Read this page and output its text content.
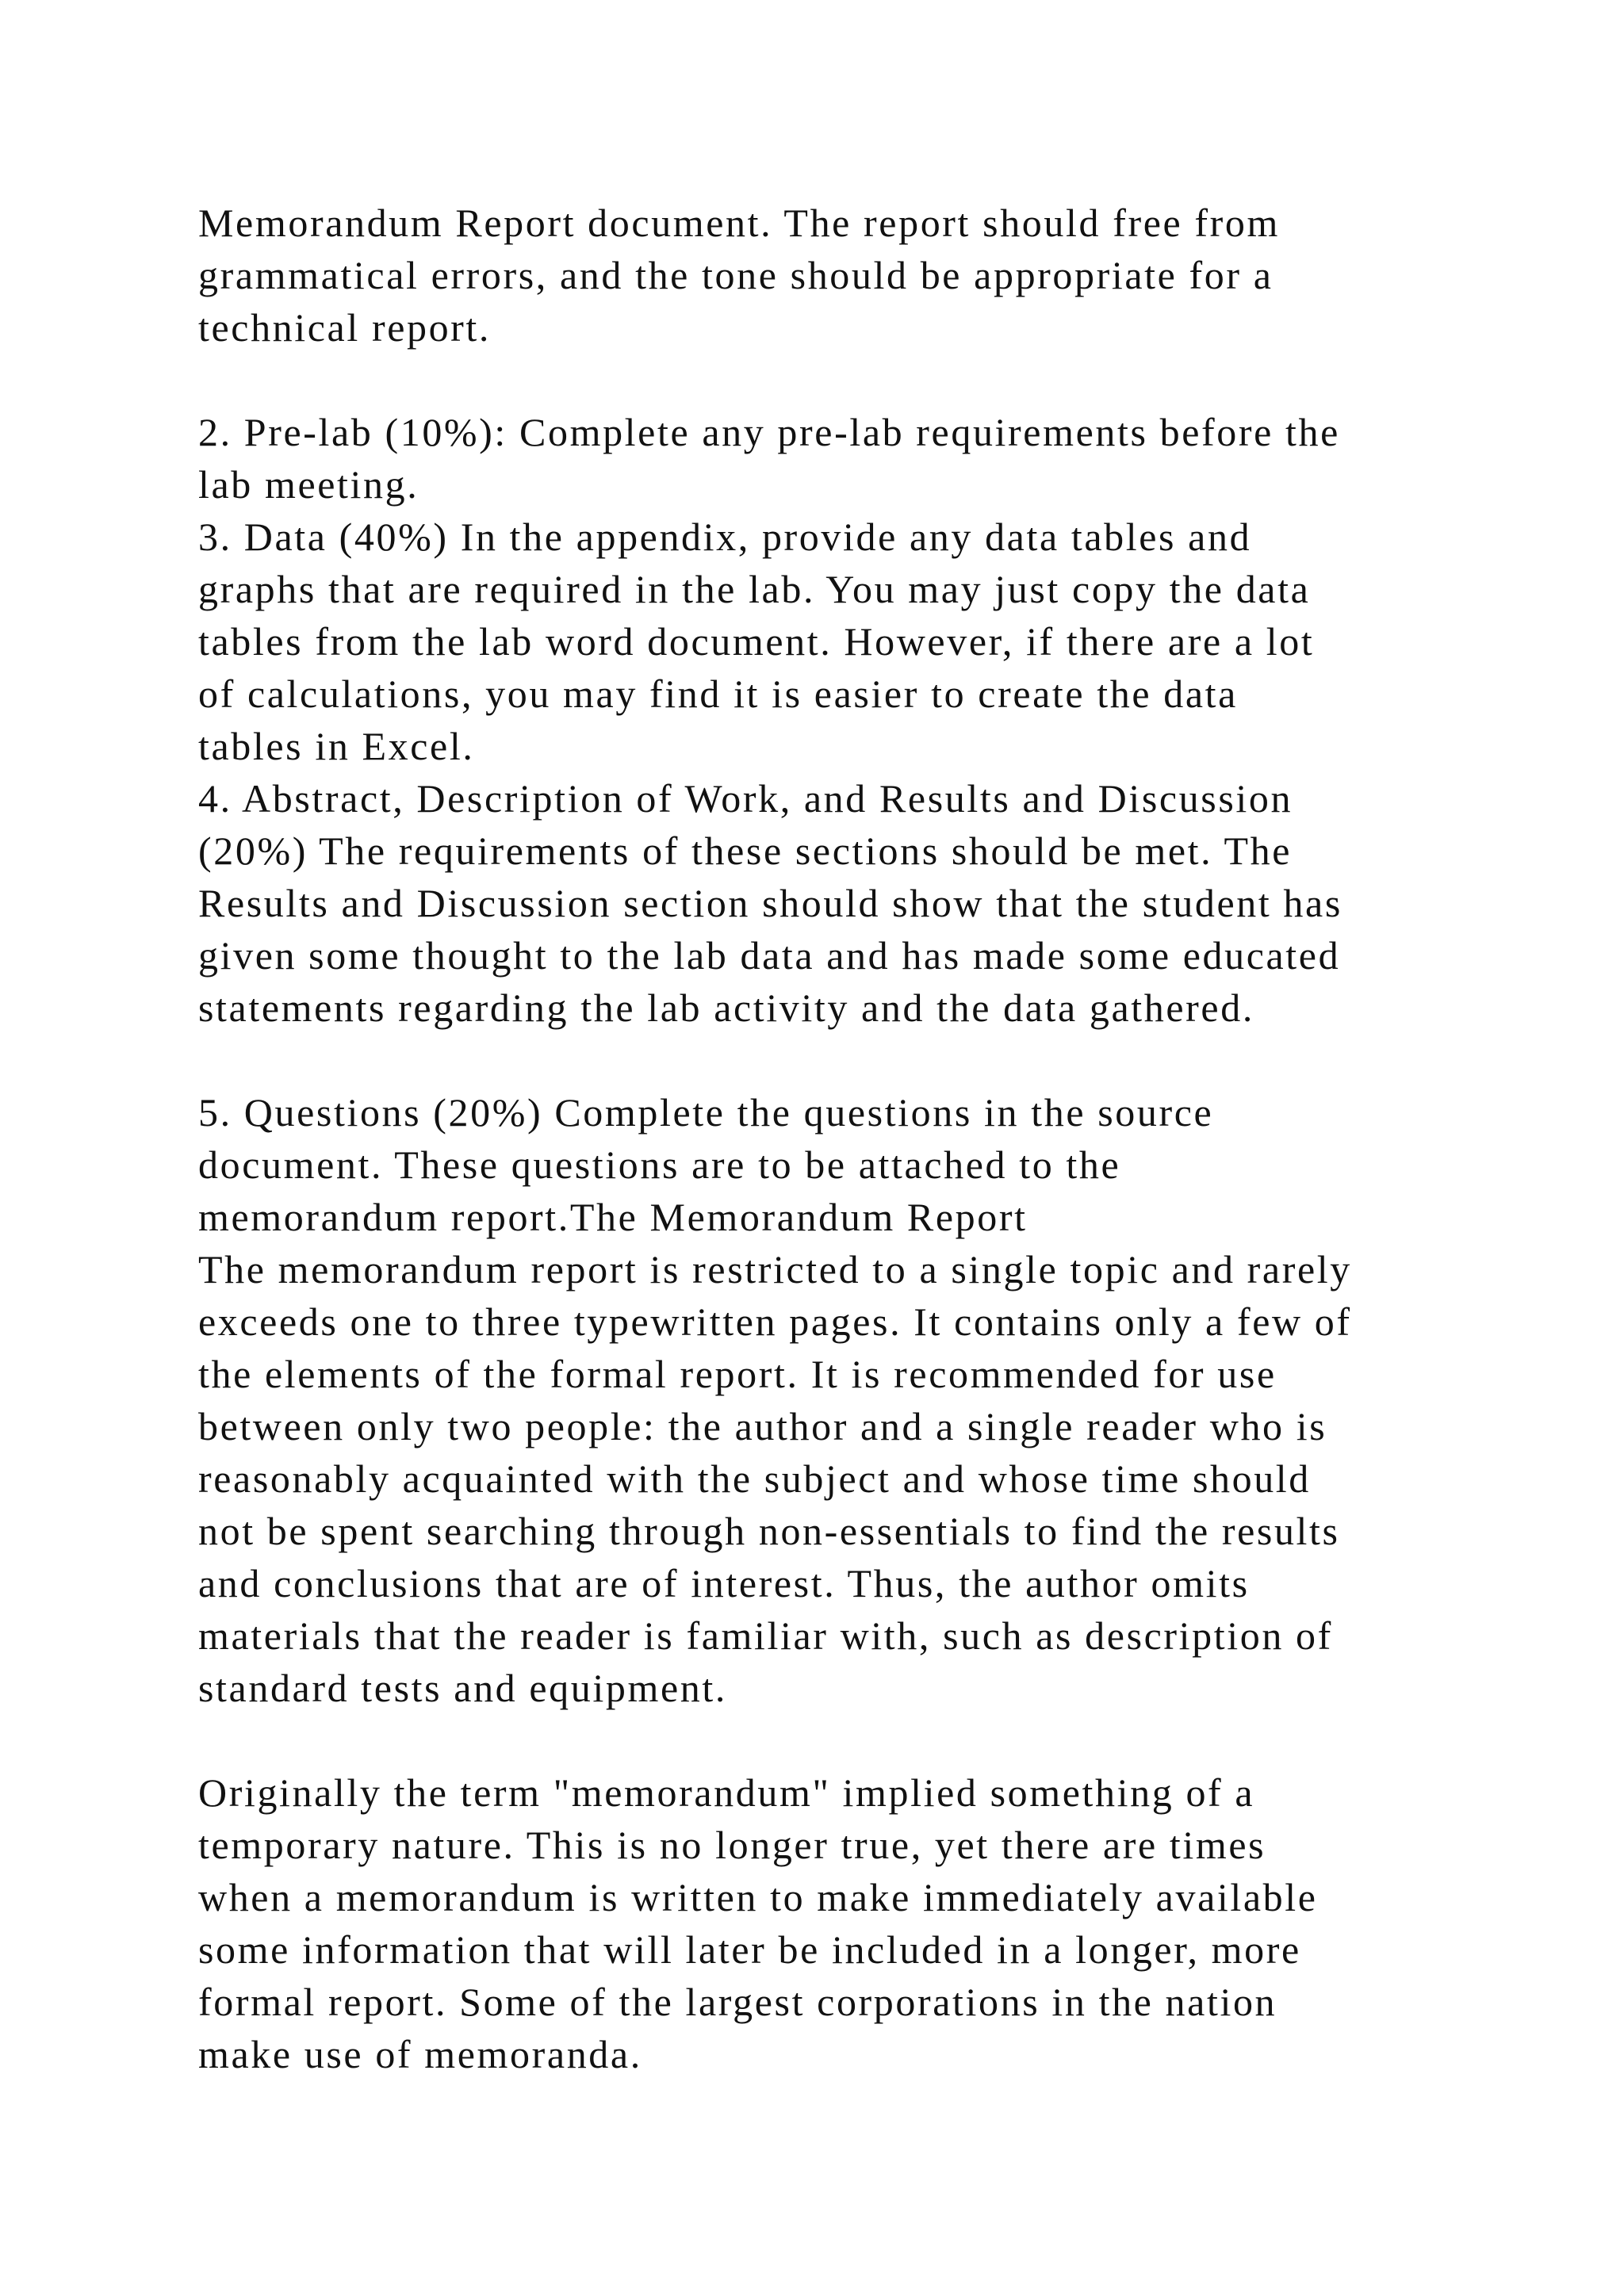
Memorandum Report document. The report should free from
grammatical errors, and the tone should be appropriate for a
technical report.
2. Pre-lab (10%): Complete any pre-lab requirements before the
lab meeting.
3. Data (40%) In the appendix, provide any data tables and
graphs that are required in the lab. You may just copy the data
tables from the lab word document. However, if there are a lot
of calculations, you may find it is easier to create the data
tables in Excel.
4. Abstract, Description of Work, and Results and Discussion
(20%) The requirements of these sections should be met. The
Results and Discussion section should show that the student has
given some thought to the lab data and has made some educated
statements regarding the lab activity and the data gathered.
5. Questions (20%) Complete the questions in the source
document. These questions are to be attached to the
memorandum report.The Memorandum Report
The memorandum report is restricted to a single topic and rarely
exceeds one to three typewritten pages. It contains only a few of
the elements of the formal report. It is recommended for use
between only two people: the author and a single reader who is
reasonably acquainted with the subject and whose time should
not be spent searching through non-essentials to find the results
and conclusions that are of interest. Thus, the author omits
materials that the reader is familiar with, such as description of
standard tests and equipment.
Originally the term "memorandum" implied something of a
temporary nature. This is no longer true, yet there are times
when a memorandum is written to make immediately available
some information that will later be included in a longer, more
formal report. Some of the largest corporations in the nation
make use of memoranda.
